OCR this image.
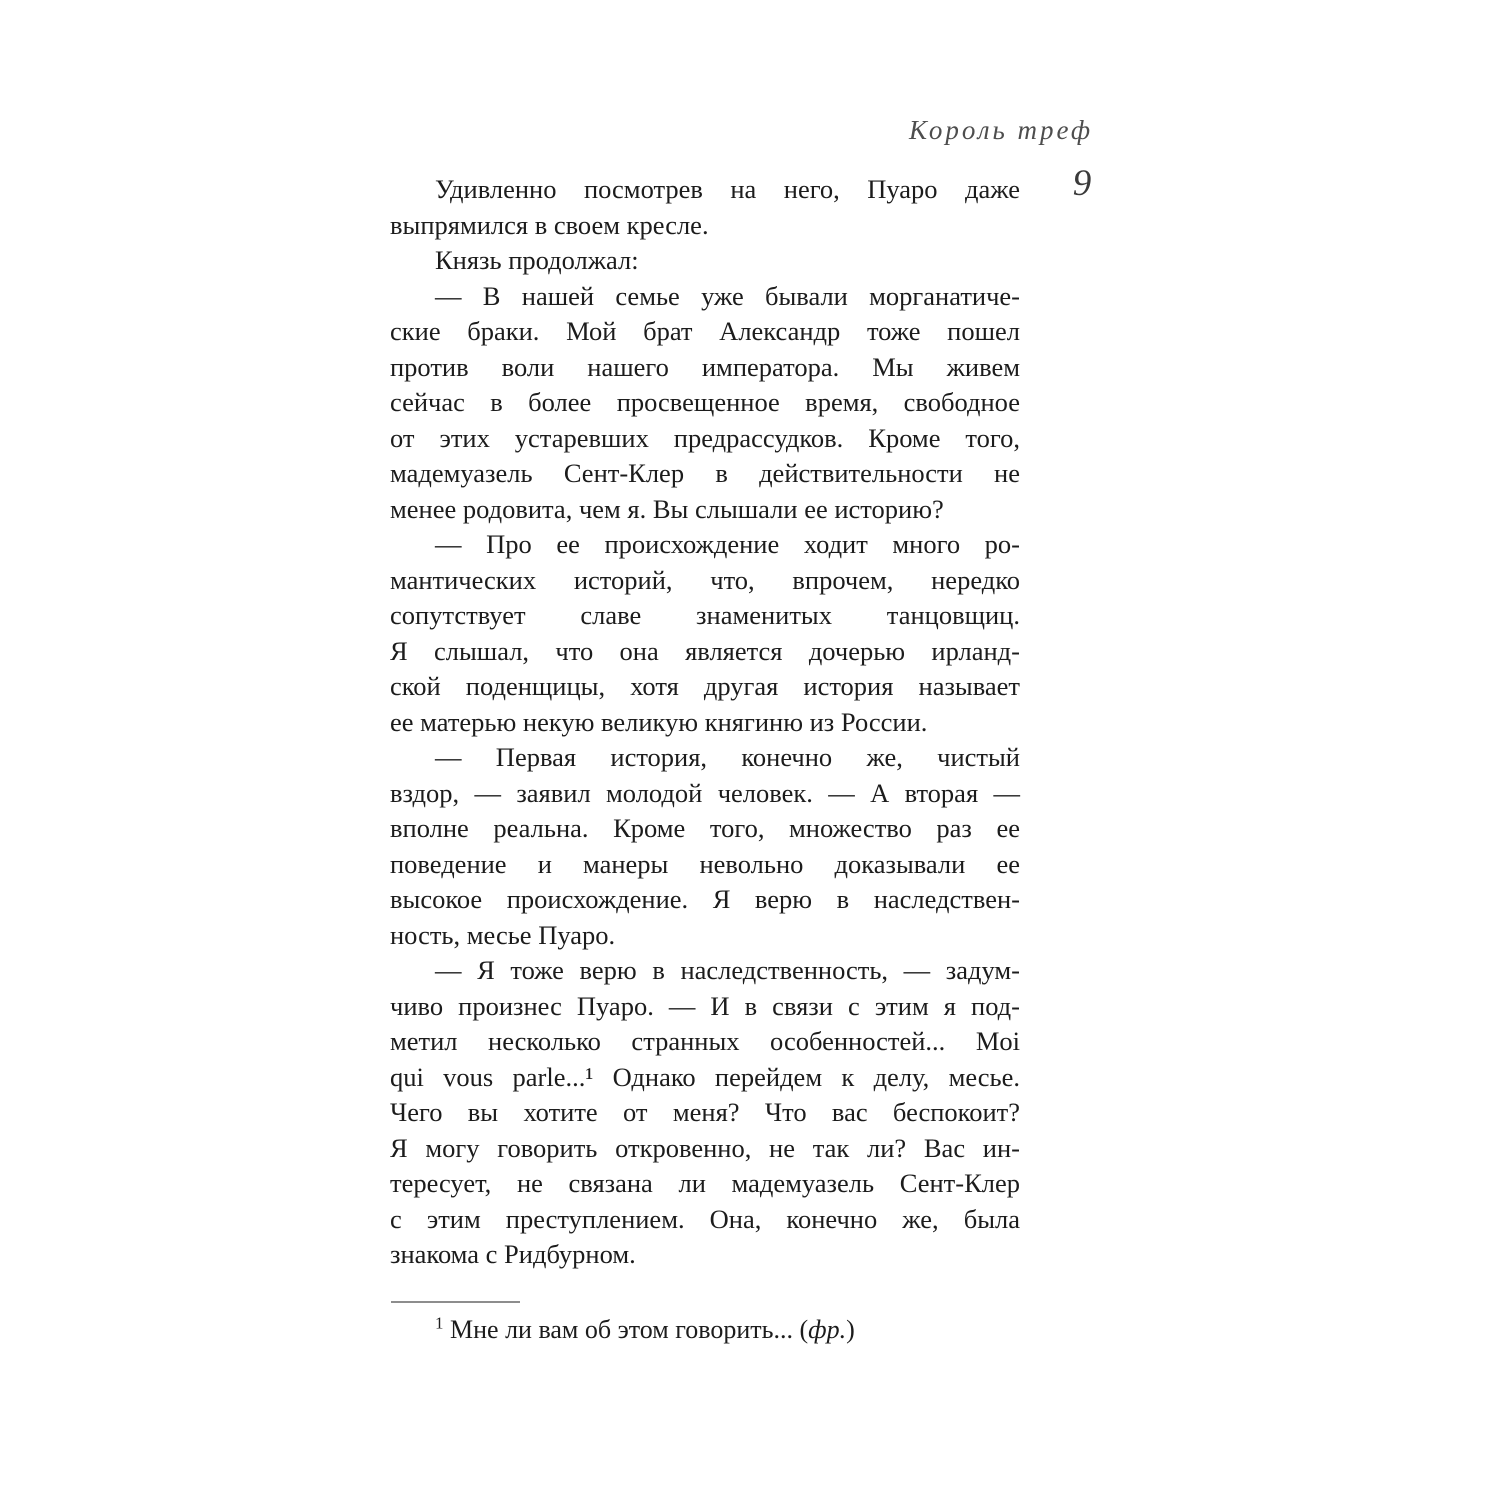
Король треф
9
Удивленно посмотрев на него, Пуаро даже
выпрямился в своем кресле.
Князь продолжал:
— В нашей семье уже бывали морганатиче-
ские браки. Мой брат Александр тоже пошел
против воли нашего императора. Мы живем
сейчас в более просвещенное время, свободное
от этих устаревших предрассудков. Кроме того,
мадемуазель Сент-Клер в действительности не
менее родовита, чем я. Вы слышали ее историю?
— Про ее происхождение ходит много ро-
мантических историй, что, впрочем, нередко
сопутствует славе знаменитых танцовщиц.
Я слышал, что она является дочерью ирланд-
ской поденщицы, хотя другая история называет
ее матерью некую великую княгиню из России.
— Первая история, конечно же, чистый
вздор, — заявил молодой человек. — А вторая —
вполне реальна. Кроме того, множество раз ее
поведение и манеры невольно доказывали ее
высокое происхождение. Я верю в наследствен-
ность, месье Пуаро.
— Я тоже верю в наследственность, — задум-
чиво произнес Пуаро. — И в связи с этим я под-
метил несколько странных особенностей... Moi
qui vous parle...¹ Однако перейдем к делу, месье.
Чего вы хотите от меня? Что вас беспокоит?
Я могу говорить откровенно, не так ли? Вас ин-
тересует, не связана ли мадемуазель Сент-Клер
с этим преступлением. Она, конечно же, была
знакома с Ридбурном.
$^1$ Мне ли вам об этом говорить... (фр.)
